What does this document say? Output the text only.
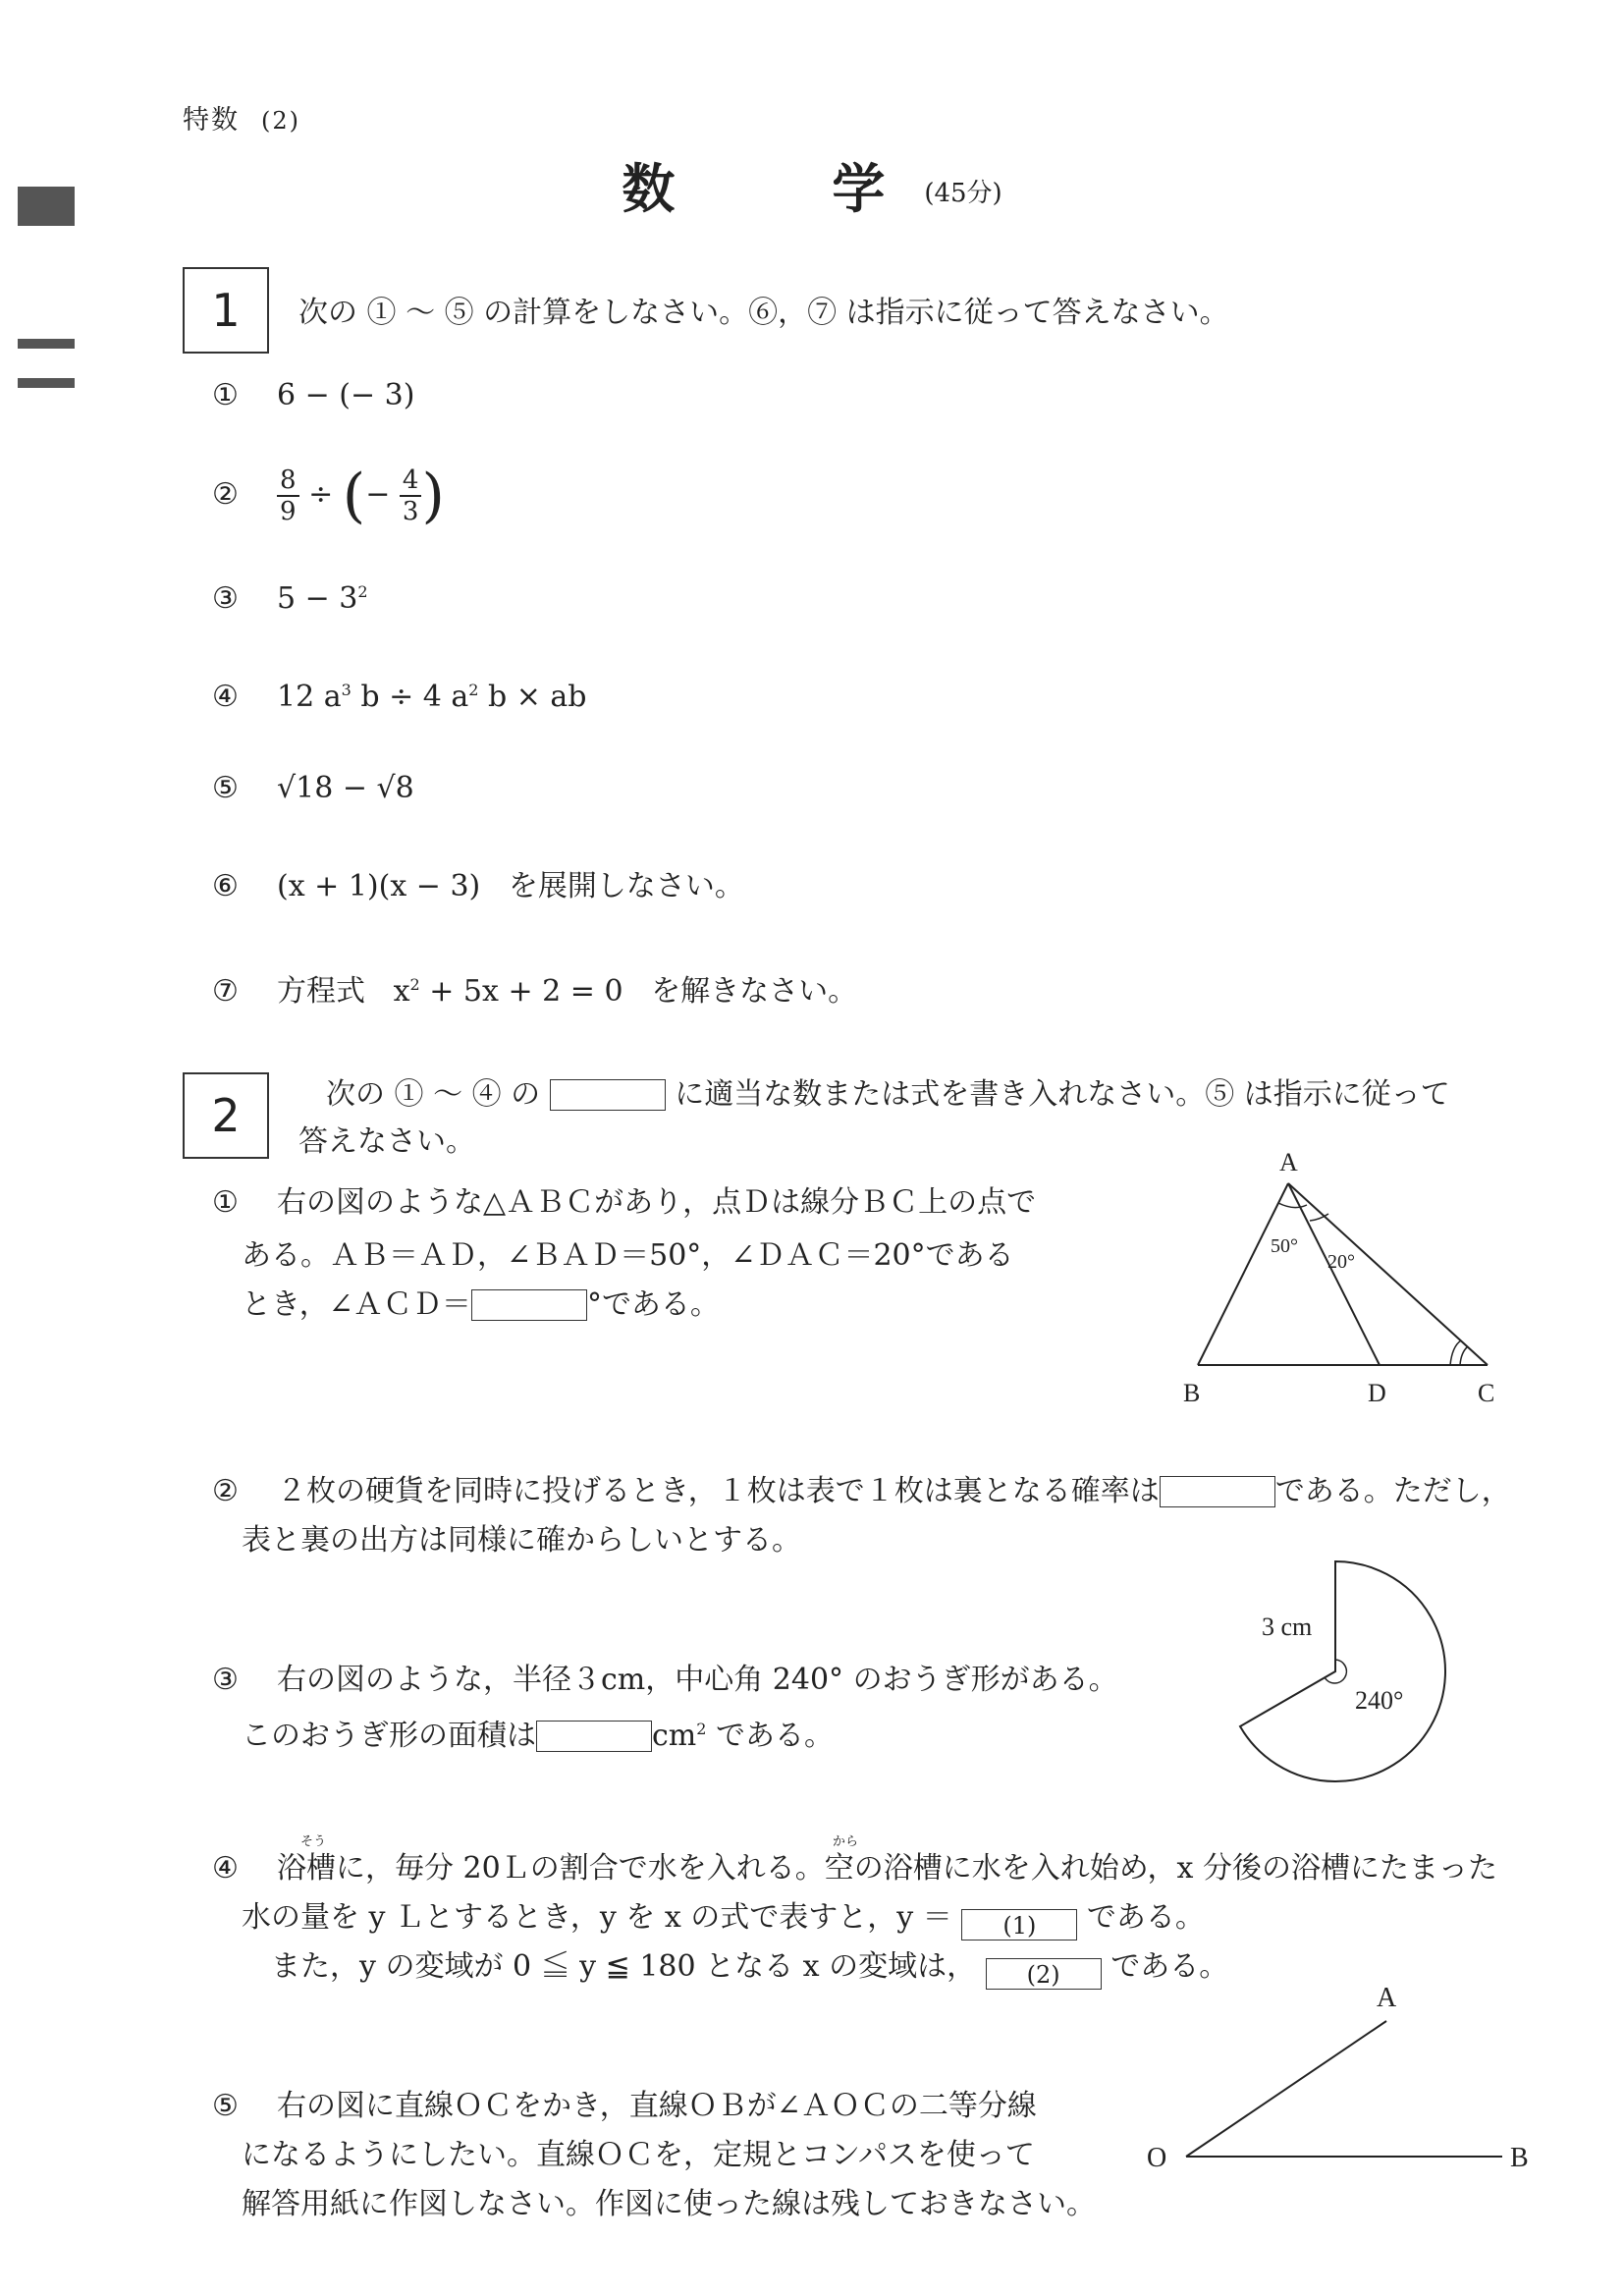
特数 (2)
数	学 (45分)
1	次の ① ～ ⑤ の計算をしなさい。⑥，⑦ は指示に従って答えなさい。
① 6 − (− 3)
② $\frac{8}{9}$ ÷ (− $\frac{4}{3}$ )
③ $5 - 3^2$
④ 12 $a^3$ b ÷ 4 $a^2$ b × ab
⑤ √18 − √8
⑥ (x + 1)(x − 3) を展開しなさい。
⑦ 方程式 $x^2 + 5x + 2 = 0$ を解きなさい。
2	次の ① ～ ④ の	に適当な数または式を書き入れなさい。⑤ は指示に従って
答えなさい。
① 右の図のような△ＡＢＣがあり，点Ｄは線分ＢＣ上の点で
ある。ＡＢ＝ＡＤ，∠ＢＡＤ＝50°，∠ＤＡＣ＝20°である
とき，∠ＡＣＤ＝	°である。
A
B	D	C
50°
20°
② ２枚の硬貨を同時に投げるとき，１枚は表で１枚は裏となる確率は	である。ただし，
表と裏の出方は同様に確からしいとする。
③ 右の図のような，半径３cm，中心角 240° のおうぎ形がある。
このおうぎ形の面積は	$cm^2$ である。
3 cm
240°
そう	から
④ 浴槽に，毎分 20Ｌの割合で水を入れる。空の浴槽に水を入れ始め，x 分後の浴槽にたまった
水の量を y Ｌとするとき，y を x の式で表すと，y ＝ (1) である。
また，y の変域が 0 ≦ y ≦ 180 となる x の変域は， (2) である。
⑤ 右の図に直線ＯＣをかき，直線ＯＢが∠ＡＯＣの二等分線
になるようにしたい。直線ＯＣを，定規とコンパスを使って
解答用紙に作図しなさい。作図に使った線は残しておきなさい。
A
O	B
